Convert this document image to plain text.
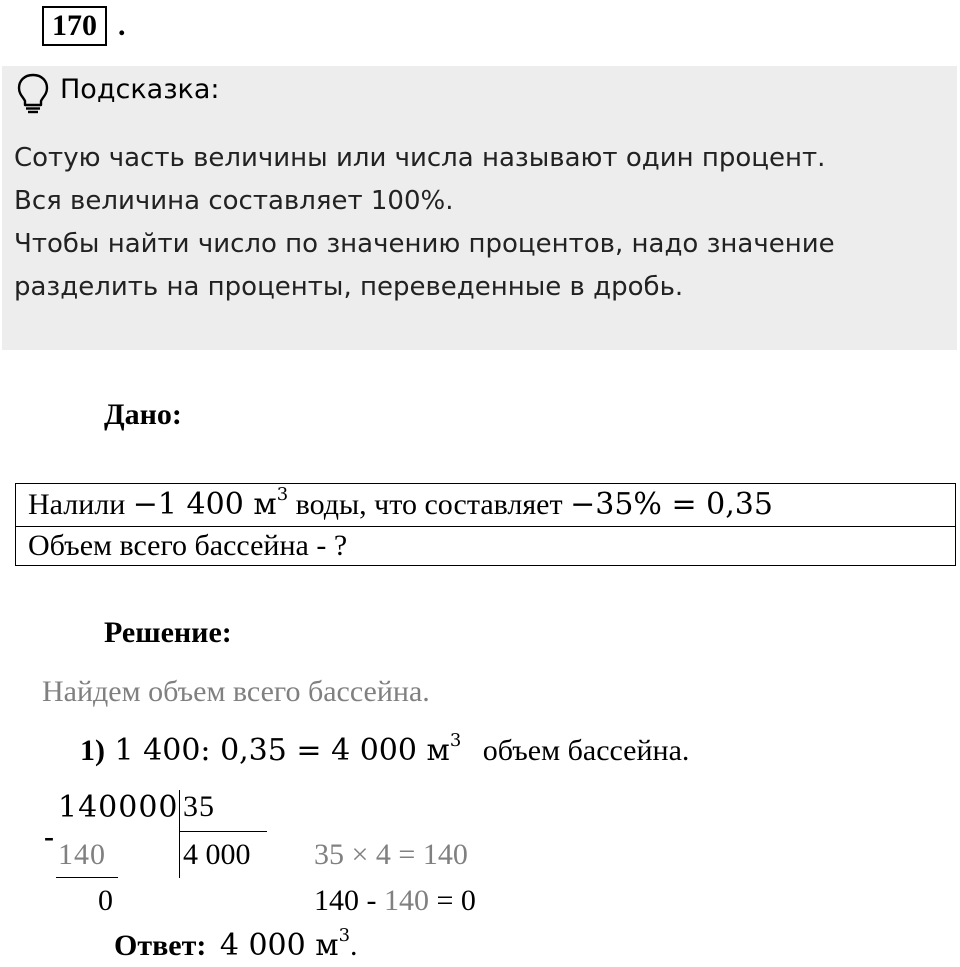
170 .
Подсказка:
Сотую часть величины или числа называют один процент.
Вся величина составляет 100%.
Чтобы найти число по значению процентов, надо значение
разделить на проценты, переведенные в дробь.
Дано:
Налили −1 400 $м^3$ воды, что составляет −35% = 0,35
Объем всего бассейна - ?
Решение:
Найдем объем всего бассейна.
1) 1 400: 0,35 = 4 000 $м^3$ объем бассейна.
-
140000 35
140	4 000
0
35 × 4 = 140
140 - 140 = 0
Ответ: 4 000 $м^3$.
